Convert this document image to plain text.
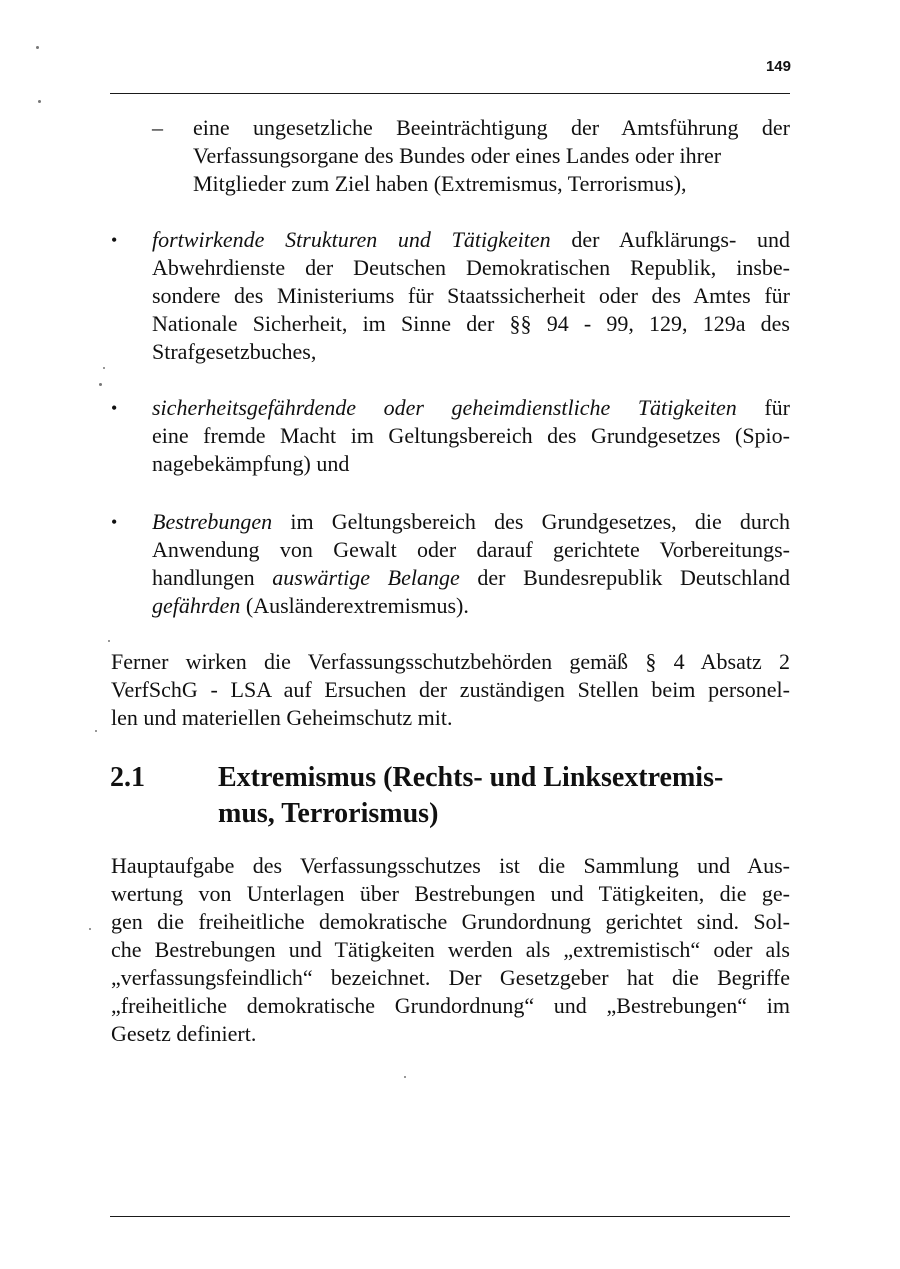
149
– eine ungesetzliche Beeinträchtigung der Amtsführung der
Verfassungsorgane des Bundes oder eines Landes oder ihrer
Mitglieder zum Ziel haben (Extremismus, Terrorismus),
• fortwirkende Strukturen und Tätigkeiten der Aufklärungs- und
Abwehrdienste der Deutschen Demokratischen Republik, insbe-
sondere des Ministeriums für Staatssicherheit oder des Amtes für
Nationale Sicherheit, im Sinne der §§ 94 - 99, 129, 129a des
Strafgesetzbuches,
• sicherheitsgefährdende oder geheimdienstliche Tätigkeiten für
eine fremde Macht im Geltungsbereich des Grundgesetzes (Spio-
nagebekämpfung) und
• Bestrebungen im Geltungsbereich des Grundgesetzes, die durch
Anwendung von Gewalt oder darauf gerichtete Vorbereitungs-
handlungen auswärtige Belange der Bundesrepublik Deutschland
gefährden (Ausländerextremismus).
Ferner wirken die Verfassungsschutzbehörden gemäß § 4 Absatz 2
VerfSchG - LSA auf Ersuchen der zuständigen Stellen beim personel-
len und materiellen Geheimschutz mit.
2.1	Extremismus (Rechts- und Linksextremis-
mus, Terrorismus)
Hauptaufgabe des Verfassungsschutzes ist die Sammlung und Aus-
wertung von Unterlagen über Bestrebungen und Tätigkeiten, die ge-
gen die freiheitliche demokratische Grundordnung gerichtet sind. Sol-
che Bestrebungen und Tätigkeiten werden als „extremistisch“ oder als
„verfassungsfeindlich“ bezeichnet. Der Gesetzgeber hat die Begriffe
„freiheitliche demokratische Grundordnung“ und „Bestrebungen“ im
Gesetz definiert.
